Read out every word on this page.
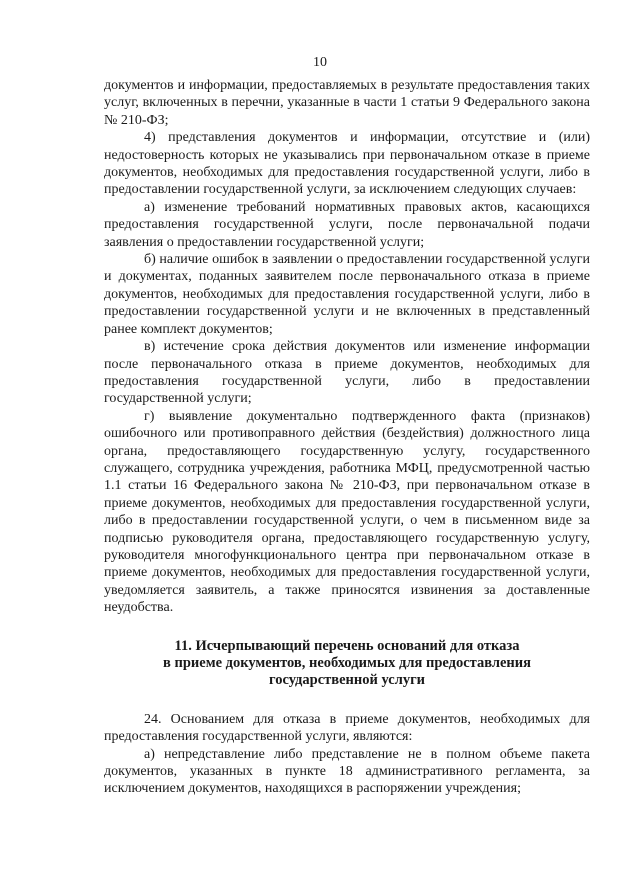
10

документов и информации, предоставляемых в результате предоставления таких услуг, включенных в перечни, указанные в части 1 статьи 9 Федерального закона № 210-ФЗ;

4) представления документов и информации, отсутствие и (или) недостоверность которых не указывались при первоначальном отказе в приеме документов, необходимых для предоставления государственной услуги, либо в предоставлении государственной услуги, за исключением следующих случаев:

а) изменение требований нормативных правовых актов, касающихся предоставления государственной услуги, после первоначальной подачи заявления о предоставлении государственной услуги;

б) наличие ошибок в заявлении о предоставлении государственной услуги и документах, поданных заявителем после первоначального отказа в приеме документов, необходимых для предоставления государственной услуги, либо в предоставлении государственной услуги и не включенных в представленный ранее комплект документов;

в) истечение срока действия документов или изменение информации после первоначального отказа в приеме документов, необходимых для предоставления государственной услуги, либо в предоставлении государственной услуги;

г) выявление документально подтвержденного факта (признаков) ошибочного или противоправного действия (бездействия) должностного лица органа, предоставляющего государственную услугу, государственного служащего, сотрудника учреждения, работника МФЦ, предусмотренной частью 1.1 статьи 16 Федерального закона № 210-ФЗ, при первоначальном отказе в приеме документов, необходимых для предоставления государственной услуги, либо в предоставлении государственной услуги, о чем в письменном виде за подписью руководителя органа, предоставляющего государственную услугу, руководителя многофункционального центра при первоначальном отказе в приеме документов, необходимых для предоставления государственной услуги, уведомляется заявитель, а также приносятся извинения за доставленные неудобства.

11. Исчерпывающий перечень оснований для отказа
в приеме документов, необходимых для предоставления
государственной услуги

24. Основанием для отказа в приеме документов, необходимых для предоставления государственной услуги, являются:

а) непредставление либо представление не в полном объеме пакета документов, указанных в пункте 18 административного регламента, за исключением документов, находящихся в распоряжении учреждения;
